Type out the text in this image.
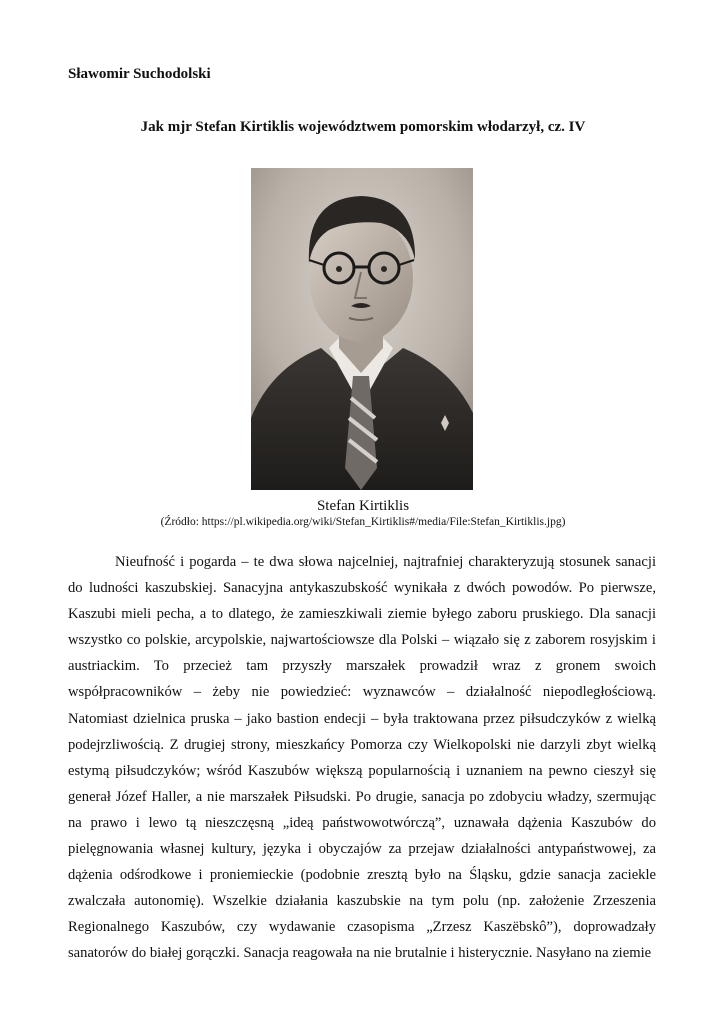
Sławomir Suchodolski

Jak mjr Stefan Kirtiklis województwem pomorskim włodarzył, cz. IV

Stefan Kirtiklis

(Źródło: https://pl.wikipedia.org/wiki/Stefan_Kirtiklis#/media/File:Stefan_Kirtiklis.jpg)

Nieufność i pogarda – te dwa słowa najcelniej, najtrafniej charakteryzują stosunek sanacji do ludności kaszubskiej. Sanacyjna antykaszubskość wynikała z dwóch powodów. Po pierwsze, Kaszubi mieli pecha, a to dlatego, że zamieszkiwali ziemie byłego zaboru pruskiego. Dla sanacji wszystko co polskie, arcypolskie, najwartościowsze dla Polski – wiązało się z zaborem rosyjskim i austriackim. To przecież tam przyszły marszałek prowadził wraz z gronem swoich współpracowników – żeby nie powiedzieć: wyznawców – działalność niepodległościową. Natomiast dzielnica pruska – jako bastion endecji – była traktowana przez piłsudczyków z wielką podejrzliwością. Z drugiej strony, mieszkańcy Pomorza czy Wielkopolski nie darzyli zbyt wielką estymą piłsudczyków; wśród Kaszubów większą popularnością i uznaniem na pewno cieszył się generał Józef Haller, a nie marszałek Piłsudski. Po drugie, sanacja po zdobyciu władzy, szermując na prawo i lewo tą nieszczęsną „ideą państwowotwórczą”, uznawała dążenia Kaszubów do pielęgnowania własnej kultury, języka i obyczajów za przejaw działalności antypaństwowej, za dążenia odśrodkowe i proniemieckie (podobnie zresztą było na Śląsku, gdzie sanacja zaciekle zwalczała autonomię). Wszelkie działania kaszubskie na tym polu (np. założenie Zrzeszenia Regionalnego Kaszubów, czy wydawanie czasopisma „Zrzesz Kaszëbskô”), doprowadzały sanatorów do białej gorączki. Sanacja reagowała na nie brutalnie i histerycznie. Nasyłano na ziemie
